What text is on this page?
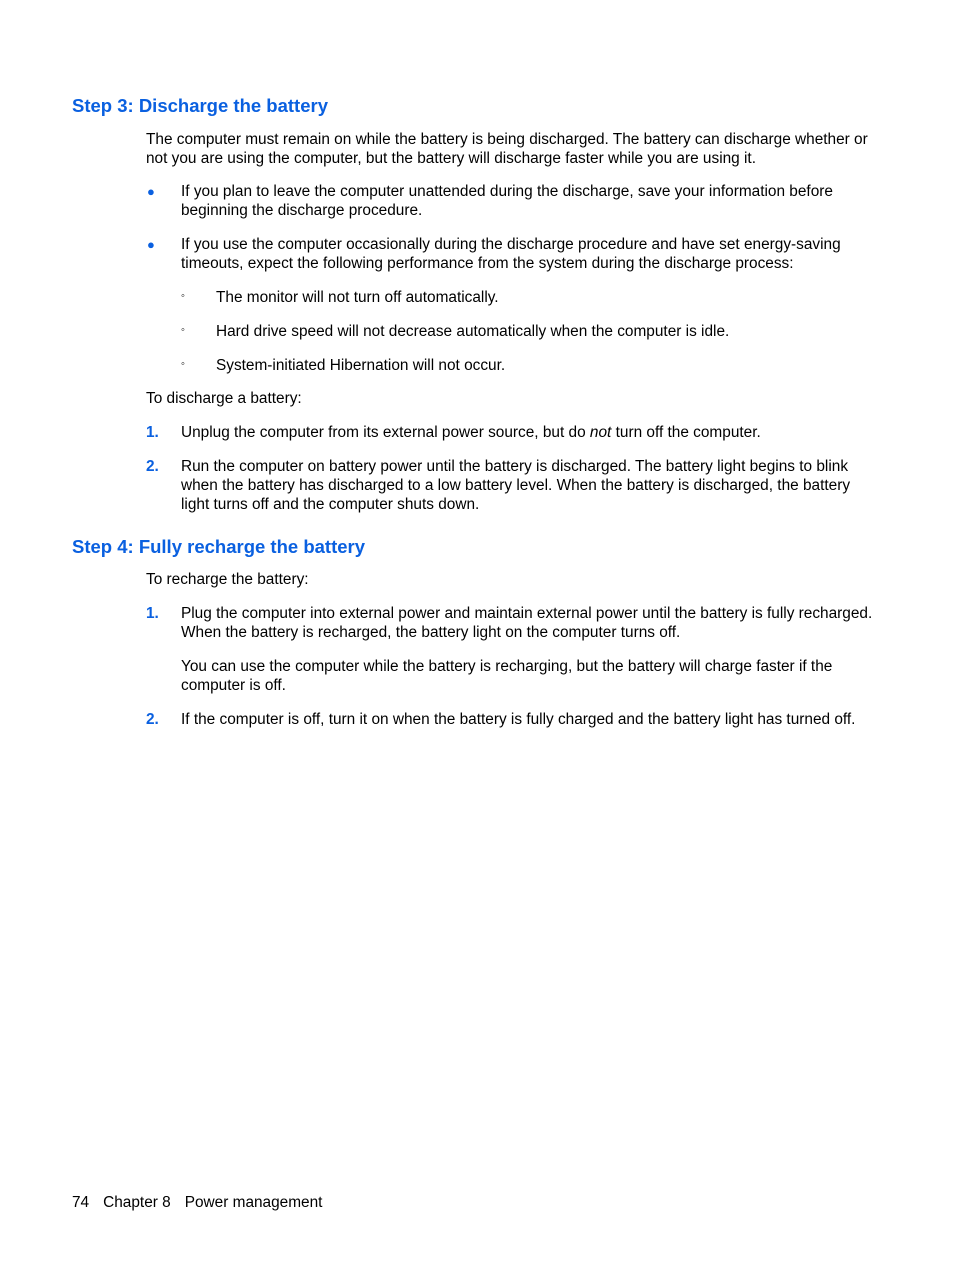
Step 3: Discharge the battery

The computer must remain on while the battery is being discharged. The battery can discharge whether or not you are using the computer, but the battery will discharge faster while you are using it.

● If you plan to leave the computer unattended during the discharge, save your information before beginning the discharge procedure.
● If you use the computer occasionally during the discharge procedure and have set energy-saving timeouts, expect the following performance from the system during the discharge process:
◦ The monitor will not turn off automatically.
◦ Hard drive speed will not decrease automatically when the computer is idle.
◦ System-initiated Hibernation will not occur.

To discharge a battery:

1. Unplug the computer from its external power source, but do not turn off the computer.
2. Run the computer on battery power until the battery is discharged. The battery light begins to blink when the battery has discharged to a low battery level. When the battery is discharged, the battery light turns off and the computer shuts down.
Step 4: Fully recharge the battery

To recharge the battery:

1. Plug the computer into external power and maintain external power until the battery is fully recharged. When the battery is recharged, the battery light on the computer turns off.

You can use the computer while the battery is recharging, but the battery will charge faster if the computer is off.

2. If the computer is off, turn it on when the battery is fully charged and the battery light has turned off.
74 Chapter 8 Power management
